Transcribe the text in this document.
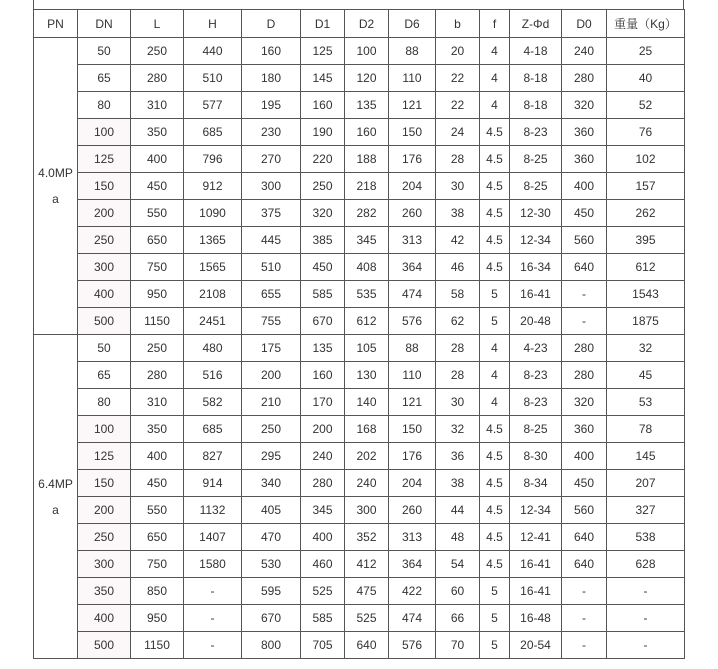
PN	DN	L	H	D	D1	D2	D6	b	f	Z-Φd	D0	重量（Kg）
4.0MPa	50	250	440	160	125	100	88	20	4	4-18	240	25
	65	280	510	180	145	120	110	22	4	8-18	280	40
	80	310	577	195	160	135	121	22	4	8-18	320	52
	100	350	685	230	190	160	150	24	4.5	8-23	360	76
	125	400	796	270	220	188	176	28	4.5	8-25	360	102
	150	450	912	300	250	218	204	30	4.5	8-25	400	157
	200	550	1090	375	320	282	260	38	4.5	12-30	450	262
	250	650	1365	445	385	345	313	42	4.5	12-34	560	395
	300	750	1565	510	450	408	364	46	4.5	16-34	640	612
	400	950	2108	655	585	535	474	58	5	16-41	-	1543
	500	1150	2451	755	670	612	576	62	5	20-48	-	1875
6.4MPa	50	250	480	175	135	105	88	28	4	4-23	280	32
	65	280	516	200	160	130	110	28	4	8-23	280	45
	80	310	582	210	170	140	121	30	4	8-23	320	53
	100	350	685	250	200	168	150	32	4.5	8-25	360	78
	125	400	827	295	240	202	176	36	4.5	8-30	400	145
	150	450	914	340	280	240	204	38	4.5	8-34	450	207
	200	550	1132	405	345	300	260	44	4.5	12-34	560	327
	250	650	1407	470	400	352	313	48	4.5	12-41	640	538
	300	750	1580	530	460	412	364	54	4.5	16-41	640	628
	350	850	-	595	525	475	422	60	5	16-41	-	-
	400	950	-	670	585	525	474	66	5	16-48	-	-
	500	1150	-	800	705	640	576	70	5	20-54	-	-
